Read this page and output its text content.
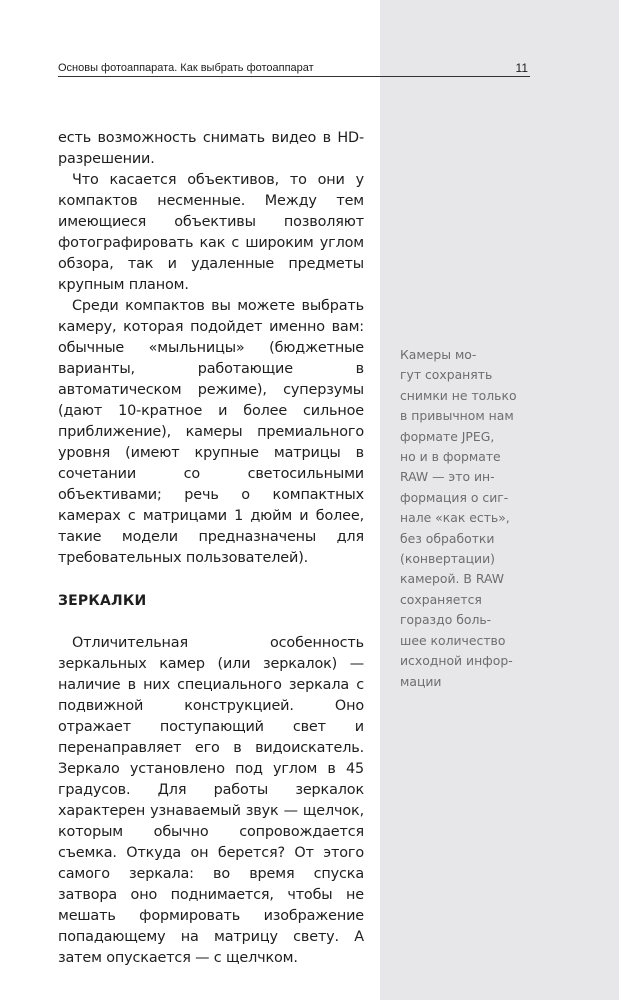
Основы фотоаппарата. Как выбрать фотоаппарат	11

есть возможность снимать видео в HD-разрешении.

Что касается объективов, то они у компактов несменные. Между тем имеющиеся объективы позволяют фотографировать как с широким углом обзора, так и удаленные предметы крупным планом.

Среди компактов вы можете выбрать камеру, которая подойдет именно вам: обычные «мыльницы» (бюджетные варианты, работающие в автоматическом режиме), суперзумы (дают 10-кратное и более сильное приближение), камеры премиального уровня (имеют крупные матрицы в сочетании со светосильными объективами; речь о компактных камерах с матрицами 1 дюйм и более, такие модели предназначены для требовательных пользователей).

ЗЕРКАЛКИ

Отличительная особенность зеркальных камер (или зеркалок) — наличие в них специального зеркала с подвижной конструкцией. Оно отражает поступающий свет и перенаправляет его в видоискатель. Зеркало установлено под углом в 45 градусов. Для работы зеркалок характерен узнаваемый звук — щелчок, которым обычно сопровождается съемка. Откуда он берется? От этого самого зеркала: во время спуска затвора оно поднимается, чтобы не мешать формировать изображение попадающему на матрицу свету. А затем опускается — с щелчком.

Камеры мо-
гут сохранять
снимки не только
в привычном нам
формате JPEG,
но и в формате
RAW — это ин-
формация о сиг-
нале «как есть»,
без обработки
(конвертации)
камерой. В RAW
сохраняется
гораздо боль-
шее количество
исходной инфор-
мации
